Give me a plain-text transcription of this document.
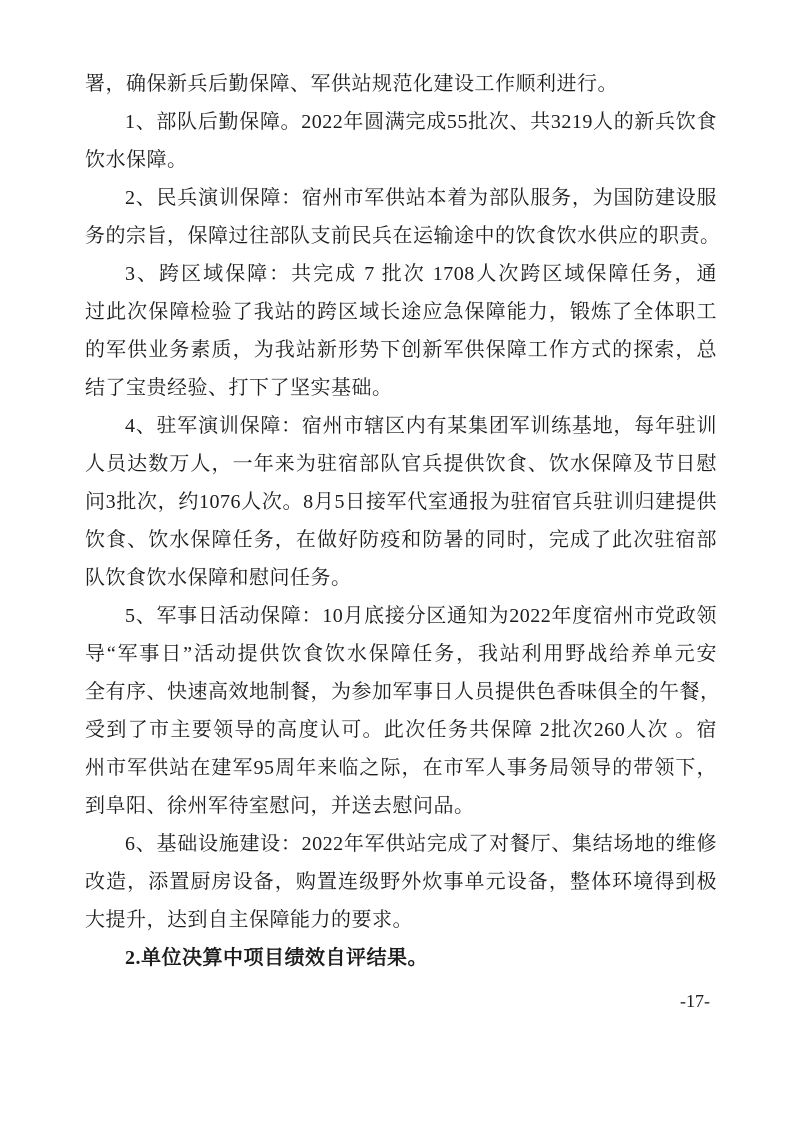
署，确保新兵后勤保障、军供站规范化建设工作顺利进行。
1、部队后勤保障。2022年圆满完成55批次、共3219人的新兵饮食
饮水保障。
2、民兵演训保障：宿州市军供站本着为部队服务，为国防建设服
务的宗旨，保障过往部队支前民兵在运输途中的饮食饮水供应的职责。
3、跨区域保障：共完成 7 批次 1708人次跨区域保障任务，通
过此次保障检验了我站的跨区域长途应急保障能力，锻炼了全体职工
的军供业务素质，为我站新形势下创新军供保障工作方式的探索，总
结了宝贵经验、打下了坚实基础。
4、驻军演训保障：宿州市辖区内有某集团军训练基地，每年驻训
人员达数万人，一年来为驻宿部队官兵提供饮食、饮水保障及节日慰
问3批次，约1076人次。8月5日接军代室通报为驻宿官兵驻训归建提供
饮食、饮水保障任务，在做好防疫和防暑的同时，完成了此次驻宿部
队饮食饮水保障和慰问任务。
5、军事日活动保障：10月底接分区通知为2022年度宿州市党政领
导“军事日”活动提供饮食饮水保障任务，我站利用野战给养单元安
全有序、快速高效地制餐，为参加军事日人员提供色香味俱全的午餐，
受到了市主要领导的高度认可。此次任务共保障 2批次260人次 。宿
州市军供站在建军95周年来临之际，在市军人事务局领导的带领下，
到阜阳、徐州军待室慰问，并送去慰问品。
6、基础设施建设：2022年军供站完成了对餐厅、集结场地的维修
改造，添置厨房设备，购置连级野外炊事单元设备，整体环境得到极
大提升，达到自主保障能力的要求。
2.单位决算中项目绩效自评结果。
-17-
